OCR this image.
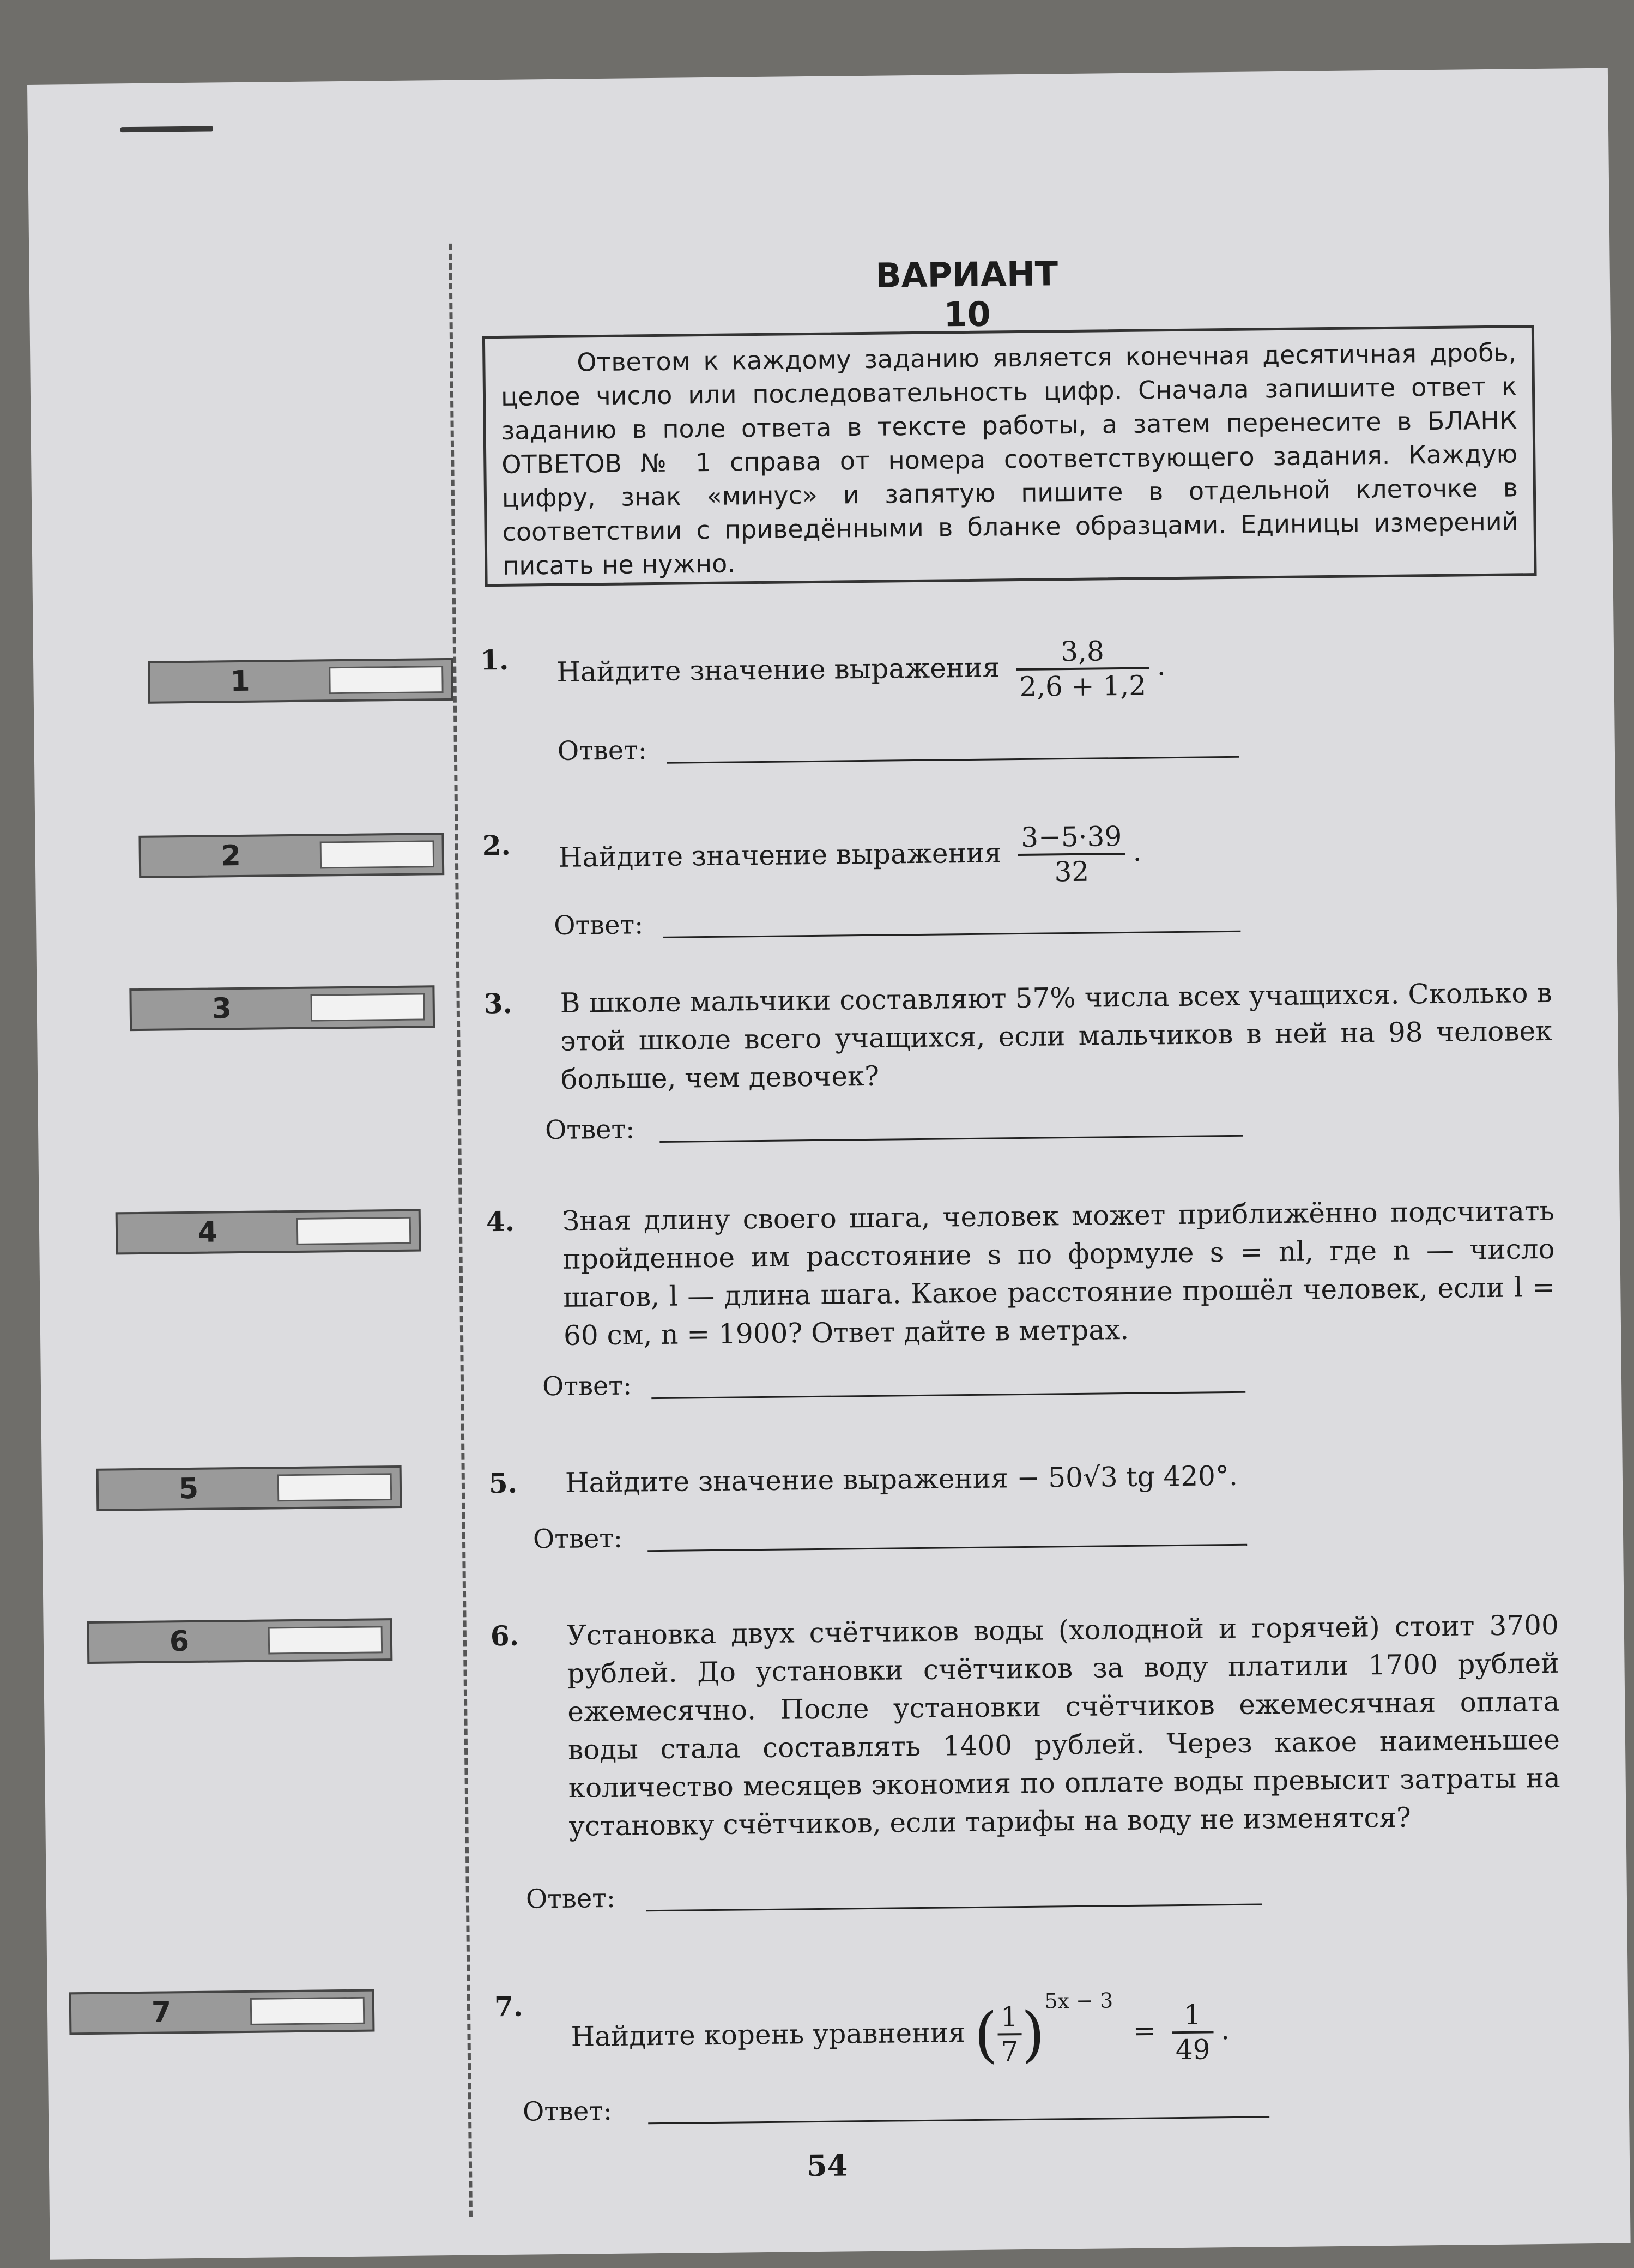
ВАРИАНТ 10
Ответом к каждому заданию является конечная десятичная дробь, целое число или последовательность цифр. Сначала запишите ответ к заданию в поле ответа в тексте работы, а затем перенесите в БЛАНК ОТВЕТОВ № 1 справа от номера соответствующего задания. Каждую цифру, знак «минус» и запятую пишите в отдельной клеточке в соответствии с приведёнными в бланке образцами. Единицы измерений писать не нужно.
1
2
3
4
5
6
7
1. Найдите значение выражения $\frac{3,8}{2,6 + 1,2}$ .
Ответ:
2. Найдите значение выражения $\frac{3-5\cdot 39}{32}$ .
Ответ:
3. В школе мальчики составляют 57% числа всех учащихся. Сколько в этой школе всего учащихся, если мальчиков в ней на 98 человек больше, чем девочек?
Ответ:
4. Зная длину своего шага, человек может приближённо подсчитать пройденное им расстояние s по формуле s = nl, где n — число шагов, l — длина шага. Какое расстояние прошёл человек, если l = 60 см, n = 1900? Ответ дайте в метрах.
Ответ:
5. Найдите значение выражения − 50√3 tg 420°.
Ответ:
6. Установка двух счётчиков воды (холодной и горячей) стоит 3700 рублей. До установки счётчиков за воду платили 1700 рублей ежемесячно. После установки счётчиков ежемесячная оплата воды стала составлять 1400 рублей. Через какое наименьшее количество месяцев экономия по оплате воды превысит затраты на установку счётчиков, если тарифы на воду не изменятся?
Ответ:
7.
Найдите корень уравнения (
$\frac{1}{7}$
)$^{5x - 3} = \frac{1}{49}$ .
Ответ:
54
